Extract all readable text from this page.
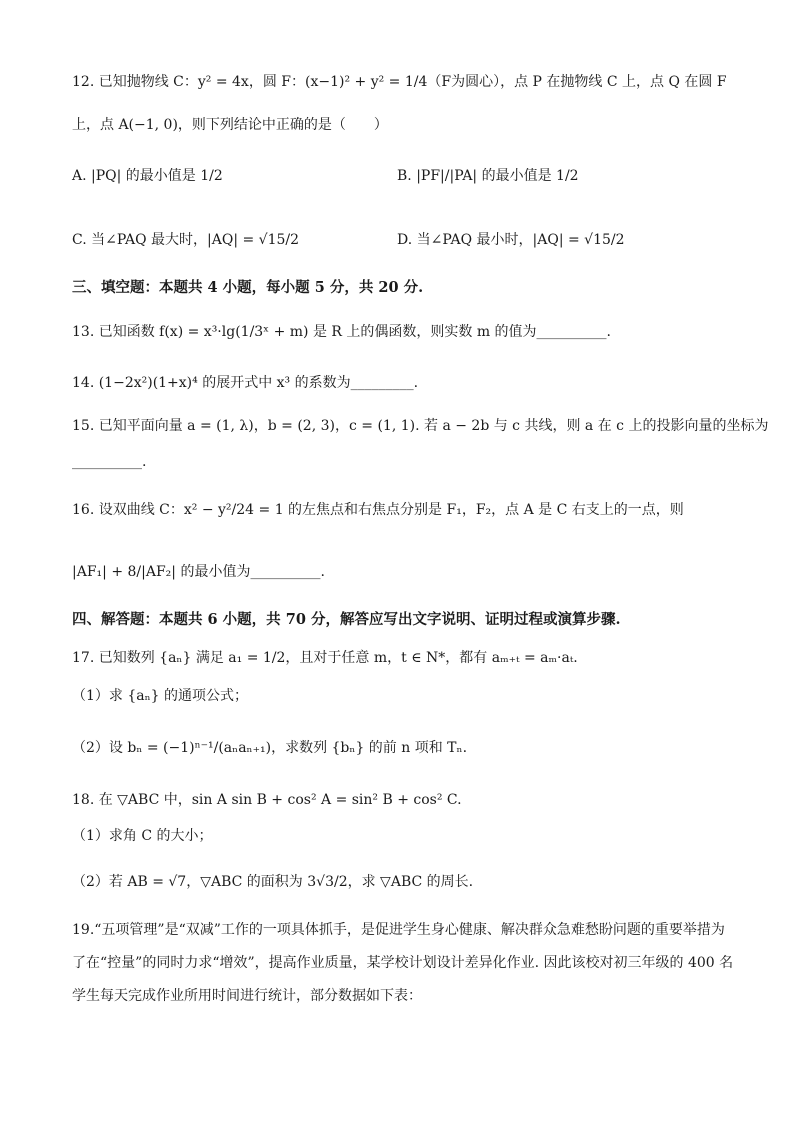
12. 已知抛物线 C：y² = 4x，圆 F：(x−1)² + y² = 1/4（F为圆心），点 P 在抛物线 C 上，点 Q 在圆 F
上，点 A(−1, 0)，则下列结论中正确的是（　　）
A. |PQ| 的最小值是 1/2	B. |PF|/|PA| 的最小值是 1/2
C. 当∠PAQ 最大时，|AQ| = √15/2	D. 当∠PAQ 最小时，|AQ| = √15/2
三、填空题：本题共 4 小题，每小题 5 分，共 20 分.
13. 已知函数 f(x) = x³·lg(1/3ˣ + m) 是 R 上的偶函数，则实数 m 的值为__________.
14. (1−2x²)(1+x)⁴ 的展开式中 x³ 的系数为_________.
15. 已知平面向量 a = (1, λ)，b = (2, 3)，c = (1, 1). 若 a − 2b 与 c 共线，则 a 在 c 上的投影向量的坐标为
__________.
16. 设双曲线 C：x² − y²/24 = 1 的左焦点和右焦点分别是 F₁，F₂，点 A 是 C 右支上的一点，则
|AF₁| + 8/|AF₂| 的最小值为__________.
四、解答题：本题共 6 小题，共 70 分，解答应写出文字说明、证明过程或演算步骤.
17. 已知数列 {aₙ} 满足 a₁ = 1/2，且对于任意 m，t ∈ N*，都有 aₘ₊ₜ = aₘ·aₜ.
（1）求 {aₙ} 的通项公式；
（2）设 bₙ = (−1)ⁿ⁻¹/(aₙaₙ₊₁)，求数列 {bₙ} 的前 n 项和 Tₙ.
18. 在 ▽ABC 中，sin A sin B + cos² A = sin² B + cos² C.
（1）求角 C 的大小；
（2）若 AB = √7，▽ABC 的面积为 3√3/2，求 ▽ABC 的周长.
19.“五项管理”是“双减”工作的一项具体抓手，是促进学生身心健康、解决群众急难愁盼问题的重要举措为
了在“控量”的同时力求“增效”，提高作业质量，某学校计划设计差异化作业. 因此该校对初三年级的 400 名
学生每天完成作业所用时间进行统计，部分数据如下表：
